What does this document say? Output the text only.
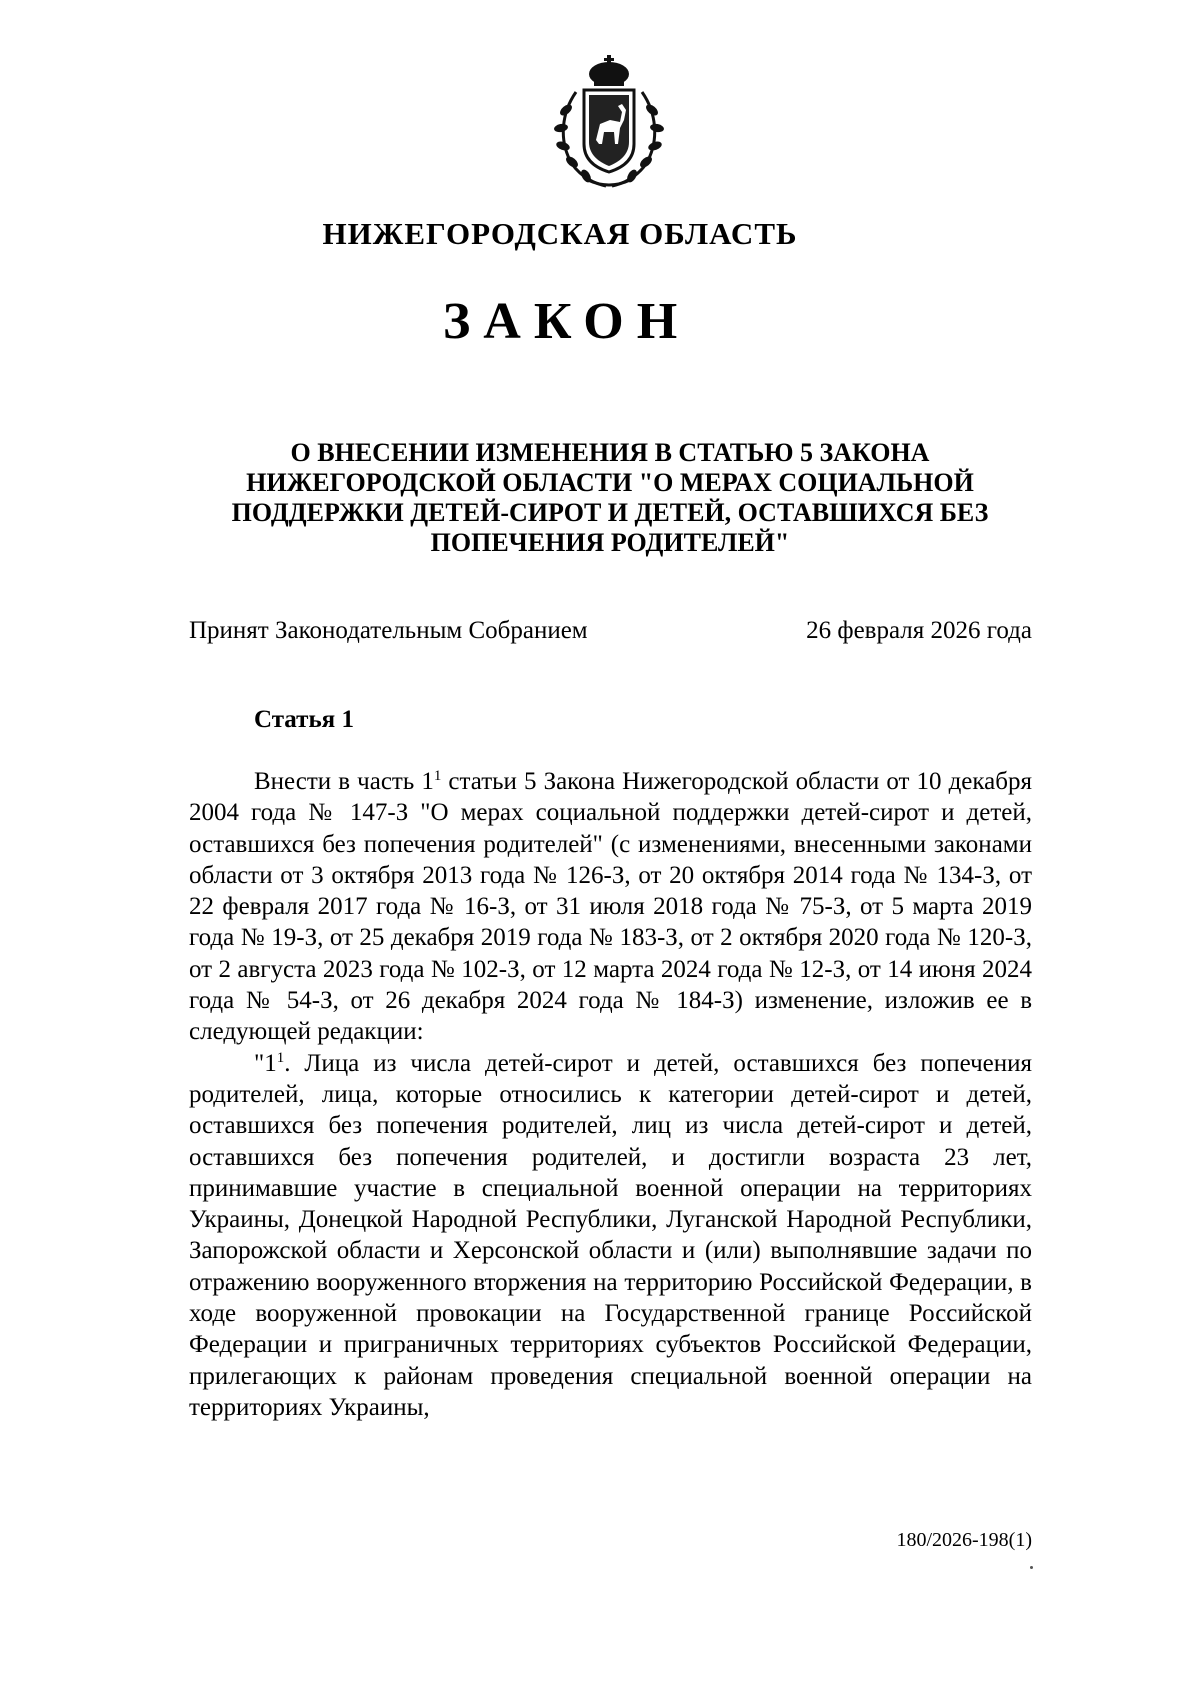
НИЖЕГОРОДСКАЯ ОБЛАСТЬ
ЗАКОН
О ВНЕСЕНИИ ИЗМЕНЕНИЯ В СТАТЬЮ 5 ЗАКОНА
НИЖЕГОРОДСКОЙ ОБЛАСТИ "О МЕРАХ СОЦИАЛЬНОЙ
ПОДДЕРЖКИ ДЕТЕЙ-СИРОТ И ДЕТЕЙ, ОСТАВШИХСЯ БЕЗ
ПОПЕЧЕНИЯ РОДИТЕЛЕЙ"
Принят Законодательным Собранием	26 февраля 2026 года
Статья 1

Внести в часть $1^1$ статьи 5 Закона Нижегородской области от 10 декабря 2004 года № 147-З "О мерах социальной поддержки детей-сирот и детей, оставшихся без попечения родителей" (с изменениями, внесенными законами области от 3 октября 2013 года № 126-З, от 20 октября 2014 года № 134-З, от 22 февраля 2017 года № 16-З, от 31 июля 2018 года № 75-З, от 5 марта 2019 года № 19-З, от 25 декабря 2019 года № 183-З, от 2 октября 2020 года № 120-З, от 2 августа 2023 года № 102-З, от 12 марта 2024 года № 12-З, от 14 июня 2024 года № 54-З, от 26 декабря 2024 года № 184-З) изменение, изложив ее в следующей редакции:

"$1^1$. Лица из числа детей-сирот и детей, оставшихся без попечения родителей, лица, которые относились к категории детей-сирот и детей, оставшихся без попечения родителей, лиц из числа детей-сирот и детей, оставшихся без попечения родителей, и достигли возраста 23 лет, принимавшие участие в специальной военной операции на территориях Украины, Донецкой Народной Республики, Луганской Народной Республики, Запорожской области и Херсонской области и (или) выполнявшие задачи по отражению вооруженного вторжения на территорию Российской Федерации, в ходе вооруженной провокации на Государственной границе Российской Федерации и приграничных территориях субъектов Российской Федерации, прилегающих к районам проведения специальной военной операции на территориях Украины,

180/2026-198(1)
